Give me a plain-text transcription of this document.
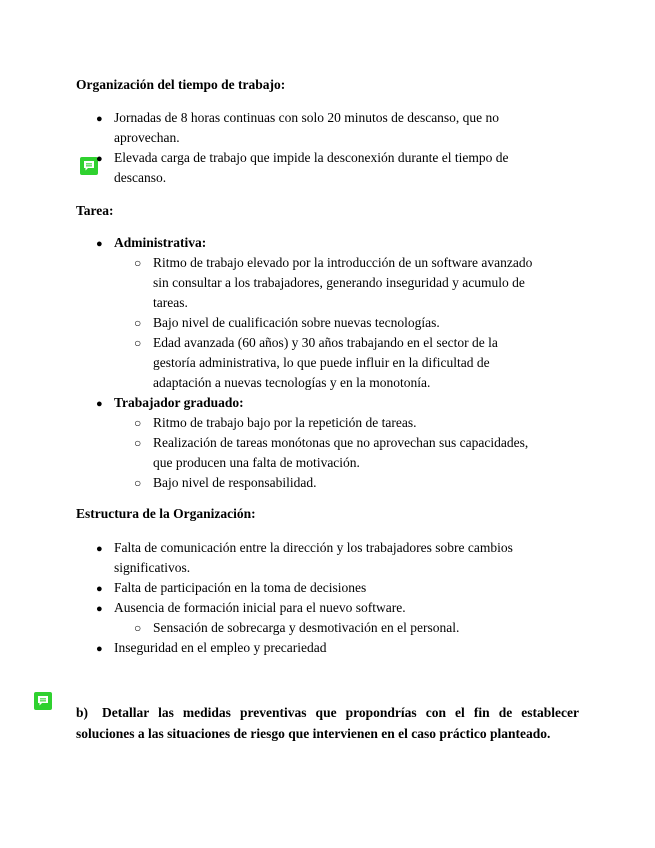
Organización del tiempo de trabajo:
● Jornadas de 8 horas continuas con solo 20 minutos de descanso, que no
aprovechan.
● Elevada carga de trabajo que impide la desconexión durante el tiempo de
descanso.
Tarea:
● Administrativa:
○ Ritmo de trabajo elevado por la introducción de un software avanzado
sin consultar a los trabajadores, generando inseguridad y acumulo de
tareas.
○ Bajo nivel de cualificación sobre nuevas tecnologías.
○ Edad avanzada (60 años) y 30 años trabajando en el sector de la
gestoría administrativa, lo que puede influir en la dificultad de
adaptación a nuevas tecnologías y en la monotonía.
● Trabajador graduado:
○ Ritmo de trabajo bajo por la repetición de tareas.
○ Realización de tareas monótonas que no aprovechan sus capacidades,
que producen una falta de motivación.
○ Bajo nivel de responsabilidad.
Estructura de la Organización:
● Falta de comunicación entre la dirección y los trabajadores sobre cambios
significativos.
● Falta de participación en la toma de decisiones
● Ausencia de formación inicial para el nuevo software.
○ Sensación de sobrecarga y desmotivación en el personal.
● Inseguridad en el empleo y precariedad
b) Detallar las medidas preventivas que propondrías con el fin de establecer soluciones a las situaciones de riesgo que intervienen en el caso práctico planteado.
